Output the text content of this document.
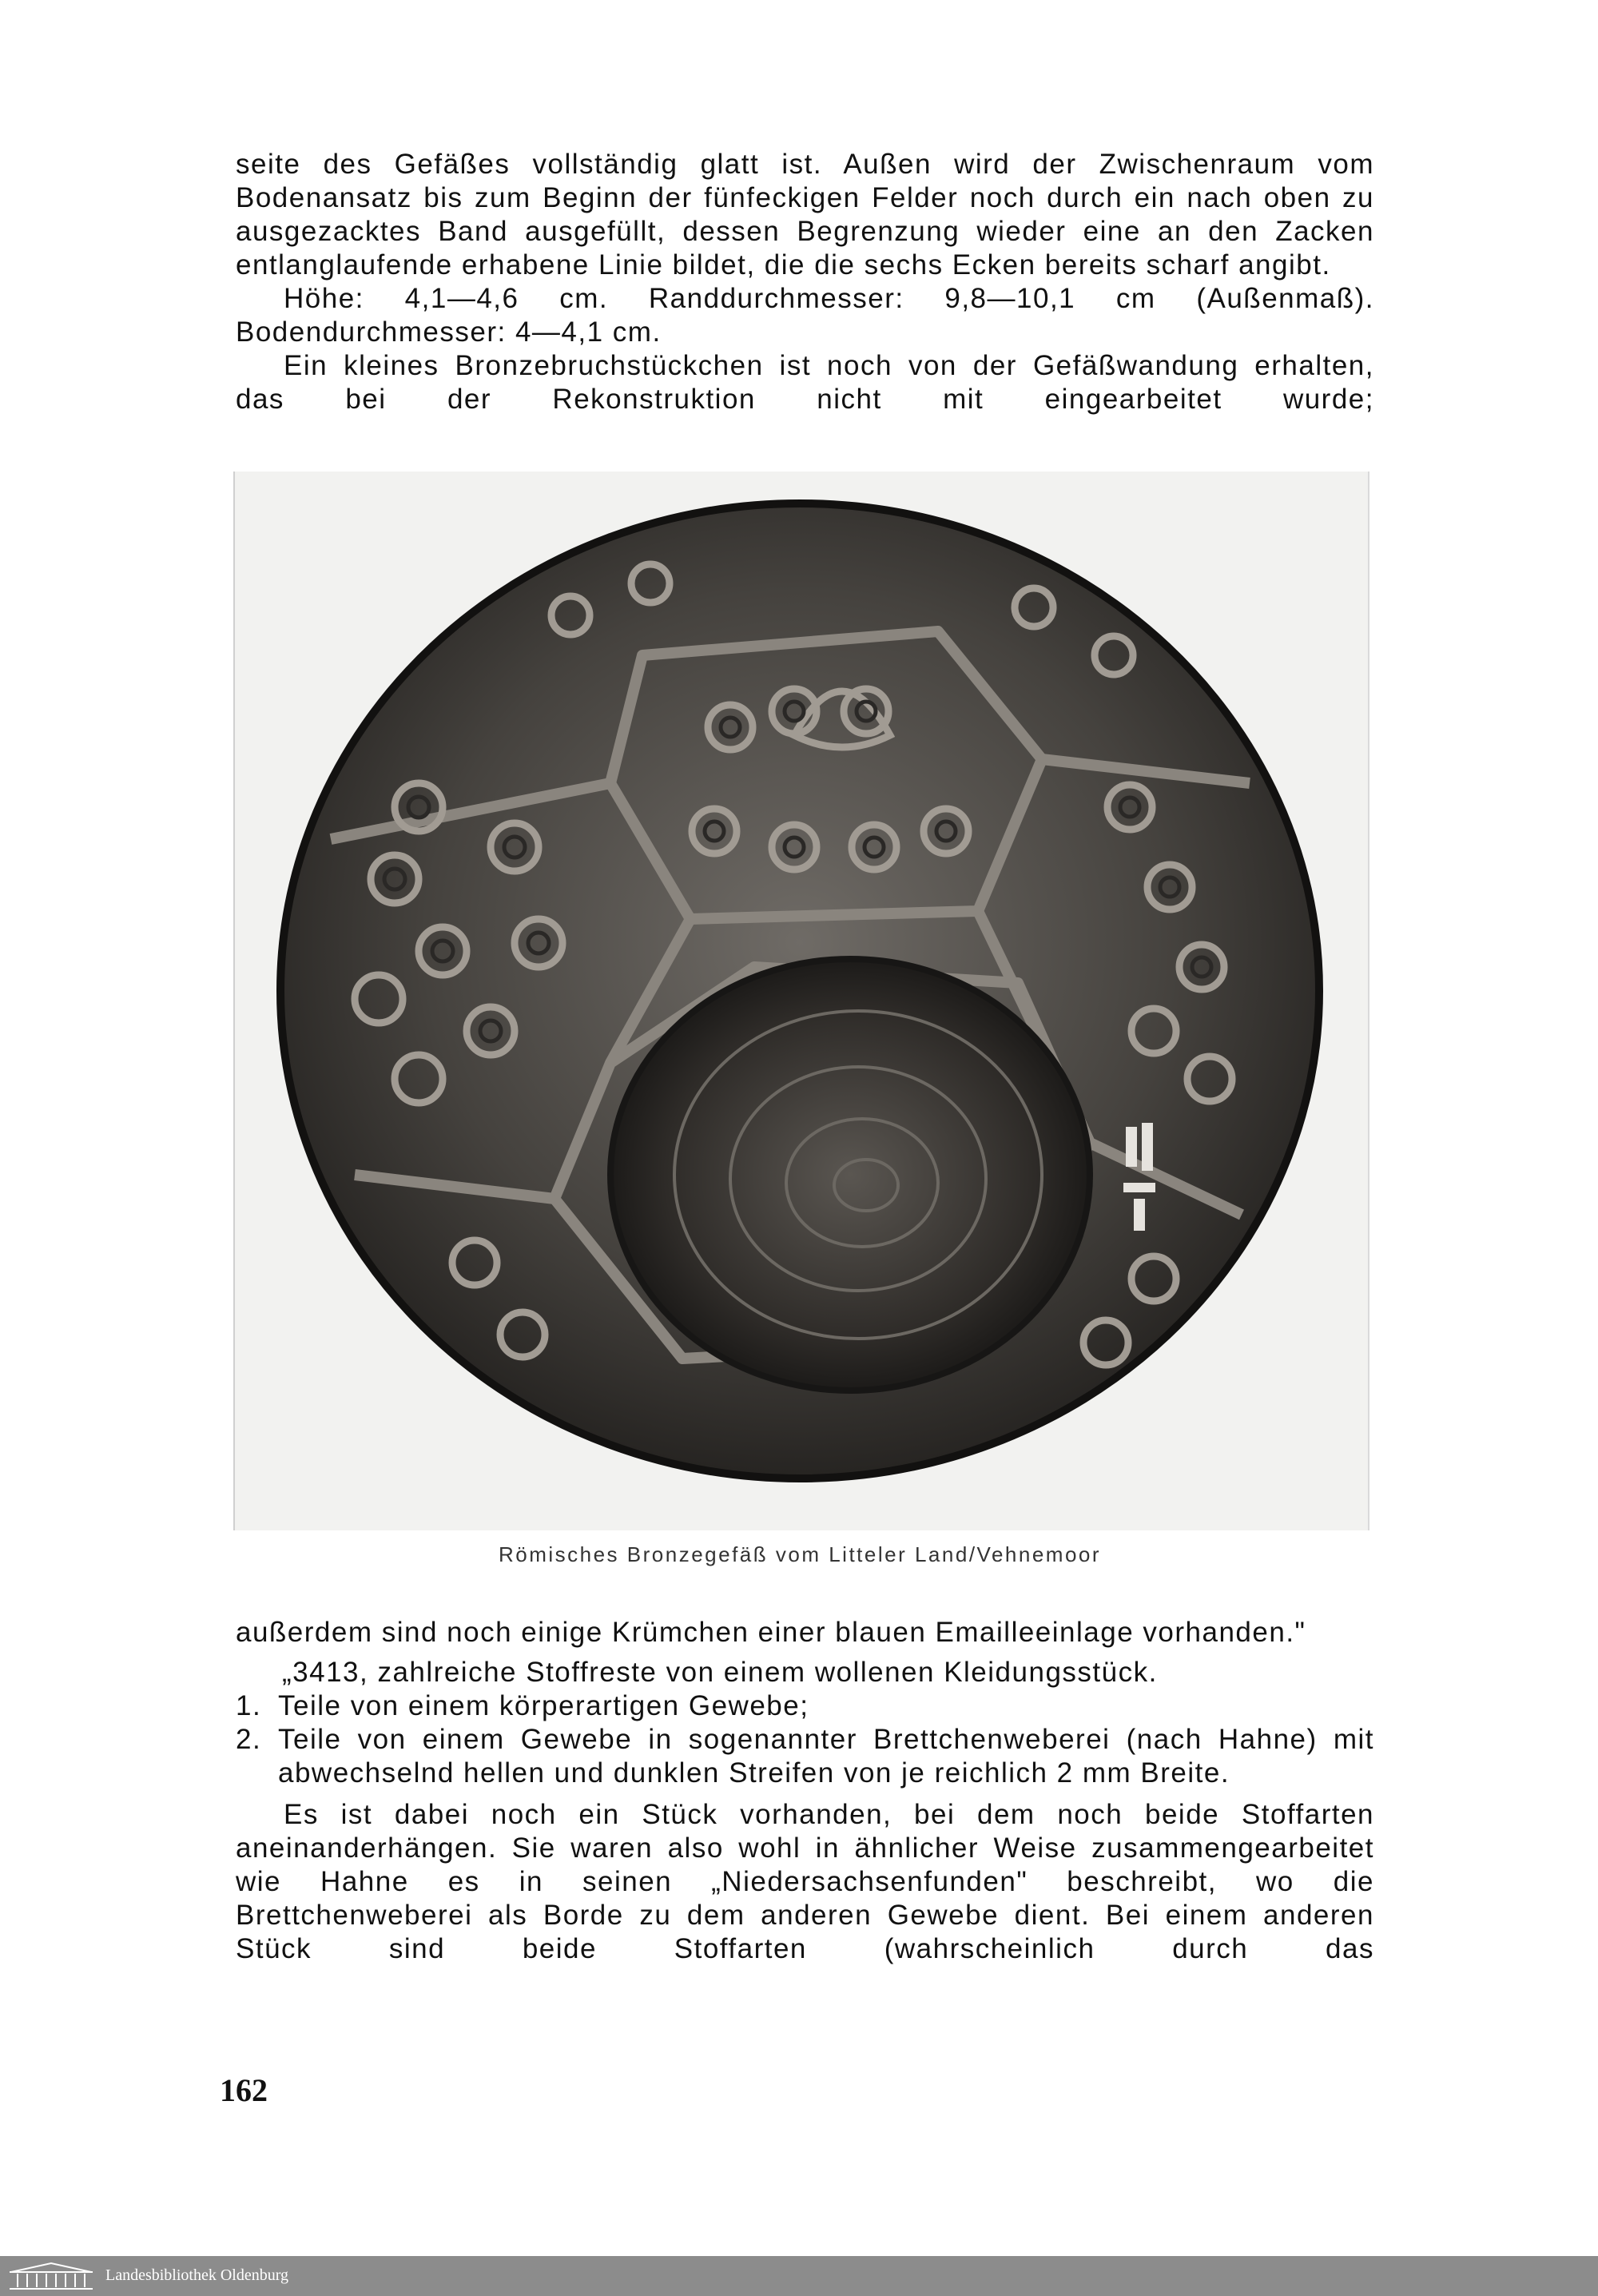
seite des Gefäßes vollständig glatt ist. Außen wird der Zwischenraum vom Bodenansatz bis zum Beginn der fünfeckigen Felder noch durch ein nach oben zu ausgezacktes Band ausgefüllt, dessen Begrenzung wieder eine an den Zacken entlanglaufende erhabene Linie bildet, die die sechs Ecken bereits scharf angibt.

Höhe: 4,1—4,6 cm. Randdurchmesser: 9,8—10,1 cm (Außenmaß). Bodendurchmesser: 4—4,1 cm.

Ein kleines Bronzebruchstückchen ist noch von der Gefäßwandung erhalten, das bei der Rekonstruktion nicht mit eingearbeitet wurde;

Römisches Bronzegefäß vom Litteler Land/Vehnemoor

außerdem sind noch einige Krümchen einer blauen Emailleeinlage vorhanden."

„3413, zahlreiche Stoffreste von einem wollenen Kleidungsstück.

1. Teile von einem körperartigen Gewebe;
2. Teile von einem Gewebe in sogenannter Brettchenweberei (nach Hahne) mit abwechselnd hellen und dunklen Streifen von je reichlich 2 mm Breite.

Es ist dabei noch ein Stück vorhanden, bei dem noch beide Stoffarten aneinanderhängen. Sie waren also wohl in ähnlicher Weise zusammengearbeitet wie Hahne es in seinen „Niedersachsenfunden" beschreibt, wo die Brettchenweberei als Borde zu dem anderen Gewebe dient. Bei einem anderen Stück sind beide Stoffarten (wahrscheinlich durch das

162
Landesbibliothek Oldenburg
